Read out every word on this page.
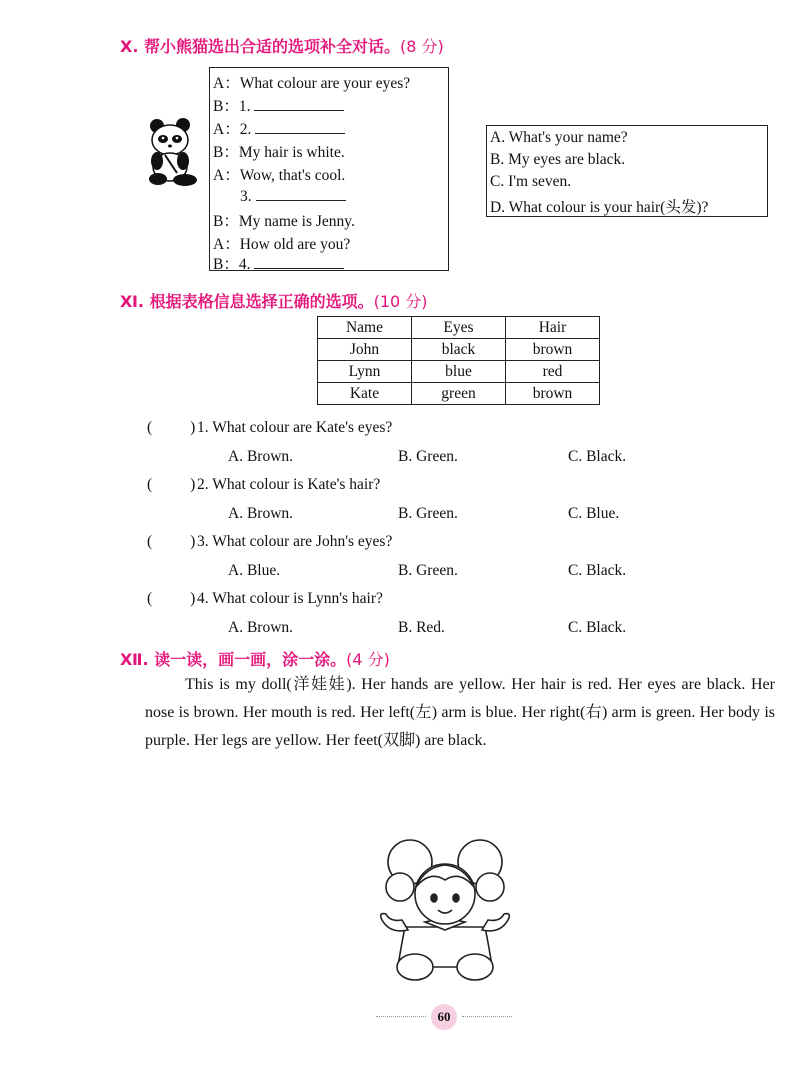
Ⅹ. 帮小熊猫选出合适的选项补全对话。(8 分)
A：What colour are your eyes?
B：1.
A：2.
B：My hair is white.
A：Wow, that's cool.
3.
B：My name is Jenny.
A：How old are you?
B：4.
A. What's your name?
B. My eyes are black.
C. I'm seven.
D. What colour is your hair(头发)?
Ⅺ. 根据表格信息选择正确的选项。(10 分)
Name	Eyes	Hair
John	black	brown
Lynn	blue	red
Kate	green	brown
( ) 1. What colour are Kate's eyes?
A. Brown.	B. Green.	C. Black.
( ) 2. What colour is Kate's hair?
A. Brown.	B. Green.	C. Blue.
( ) 3. What colour are John's eyes?
A. Blue.	B. Green.	C. Black.
( ) 4. What colour is Lynn's hair?
A. Brown.	B. Red.	C. Black.
Ⅻ. 读一读，画一画，涂一涂。(4 分)
This is my doll(洋娃娃). Her hands are yellow. Her hair is red. Her eyes are black. Her nose is brown. Her mouth is red. Her left(左) arm is blue. Her right(右) arm is green. Her body is purple. Her legs are yellow. Her feet(双脚) are black.
60
